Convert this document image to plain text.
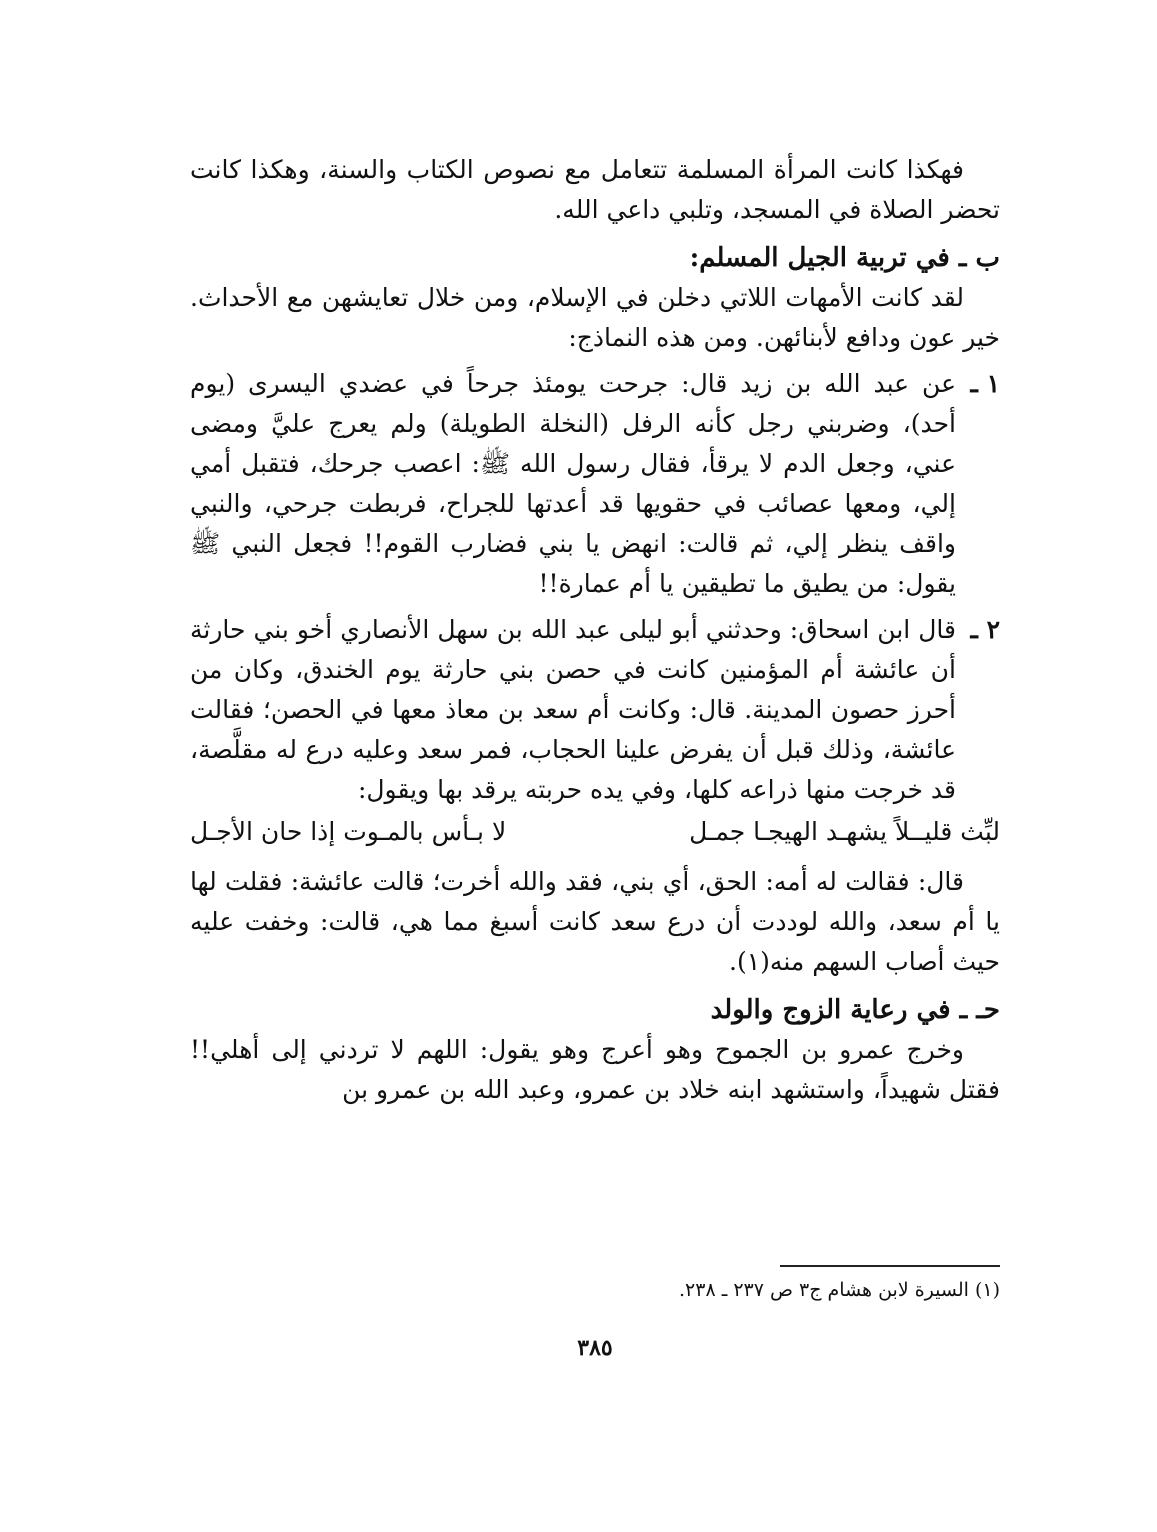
فهكذا كانت المرأة المسلمة تتعامل مع نصوص الكتاب والسنة، وهكذا كانت تحضر الصلاة في المسجد، وتلبي داعي الله.

ب ـ في تربية الجيل المسلم:

لقد كانت الأمهات اللاتي دخلن في الإسلام، ومن خلال تعايشهن مع الأحداث. خير عون ودافع لأبنائهن. ومن هذه النماذج:

١ ـ
عن عبد الله بن زيد قال: جرحت يومئذ جرحاً في عضدي اليسرى (يوم أحد)، وضربني رجل كأنه الرفل (النخلة الطويلة) ولم يعرج عليَّ ومضى عني، وجعل الدم لا يرقأ، فقال رسول الله ﷺ: اعصب جرحك، فتقبل أمي إلي، ومعها عصائب في حقويها قد أعدتها للجراح، فربطت جرحي، والنبي واقف ينظر إلي، ثم قالت: انهض يا بني فضارب القوم!! فجعل النبي ﷺ يقول: من يطيق ما تطيقين يا أم عمارة!!
٢ ـ
قال ابن اسحاق: وحدثني أبو ليلى عبد الله بن سهل الأنصاري أخو بني حارثة أن عائشة أم المؤمنين كانت في حصن بني حارثة يوم الخندق، وكان من أحرز حصون المدينة. قال: وكانت أم سعد بن معاذ معها في الحصن؛ فقالت عائشة، وذلك قبل أن يفرض علينا الحجاب، فمر سعد وعليه درع له مقلَّصة، قد خرجت منها ذراعه كلها، وفي يده حربته يرقد بها ويقول:
لبِّث قليــلاً يشهـد الهيجـا جمـل
لا بـأس بالمـوت إذا حان الأجـل

قال: فقالت له أمه: الحق، أي بني، فقد والله أخرت؛ قالت عائشة: فقلت لها يا أم سعد، والله لوددت أن درع سعد كانت أسبغ مما هي، قالت: وخفت عليه حيث أصاب السهم منه(١).

حـ ـ في رعاية الزوج والولد

وخرج عمرو بن الجموح وهو أعرج وهو يقول: اللهم لا تردني إلى أهلي!! فقتل شهيداً، واستشهد ابنه خلاد بن عمرو، وعبد الله بن عمرو بن

(١) السيرة لابن هشام ج٣ ص ٢٣٧ ـ ٢٣٨.
٣٨٥
